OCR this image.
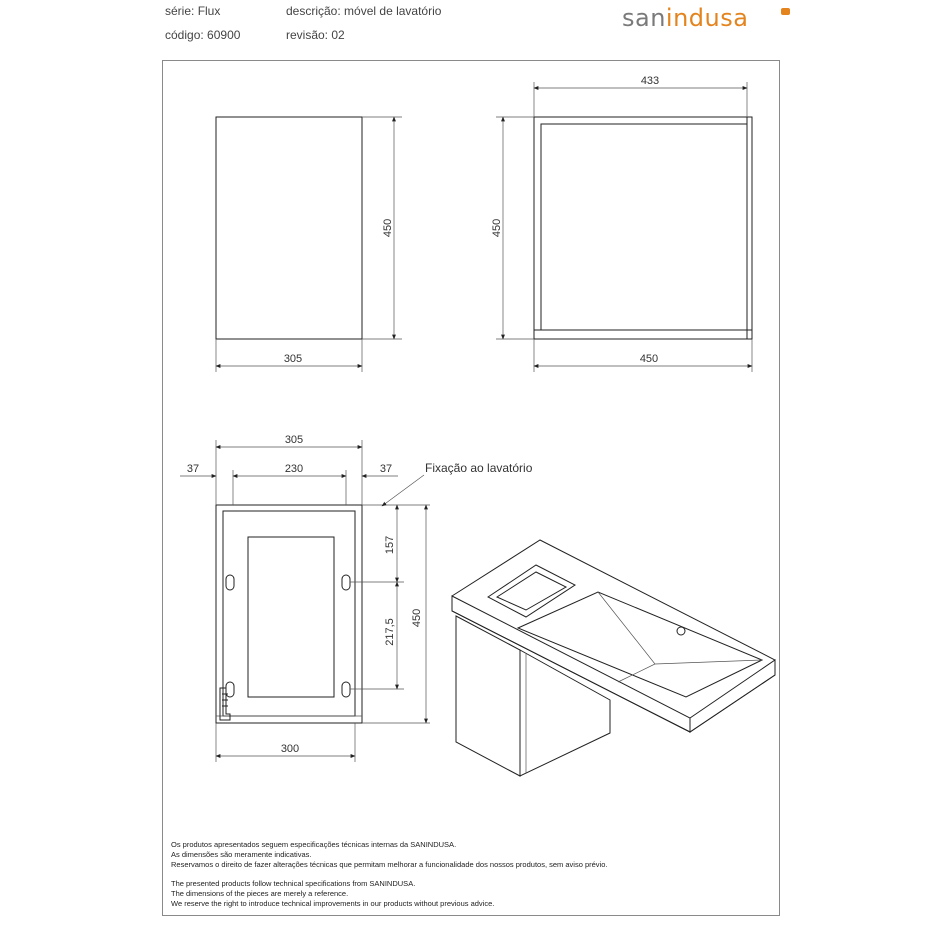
série: Flux
código: 60900
descrição: móvel de lavatório
revisão: 02
sanindusa
450
305
433
450
450
305
37	230	37
157
217,5
450
300
Fixação ao lavatório
Os produtos apresentados seguem especificações técnicas internas da SANINDUSA.
As dimensões são meramente indicativas.
Reservamos o direito de fazer alterações técnicas que permitam melhorar a funcionalidade dos nossos produtos, sem aviso prévio.
The presented products follow technical specifications from SANINDUSA.
The dimensions of the pieces are merely a reference.
We reserve the right to introduce technical improvements in our products without previous advice.
